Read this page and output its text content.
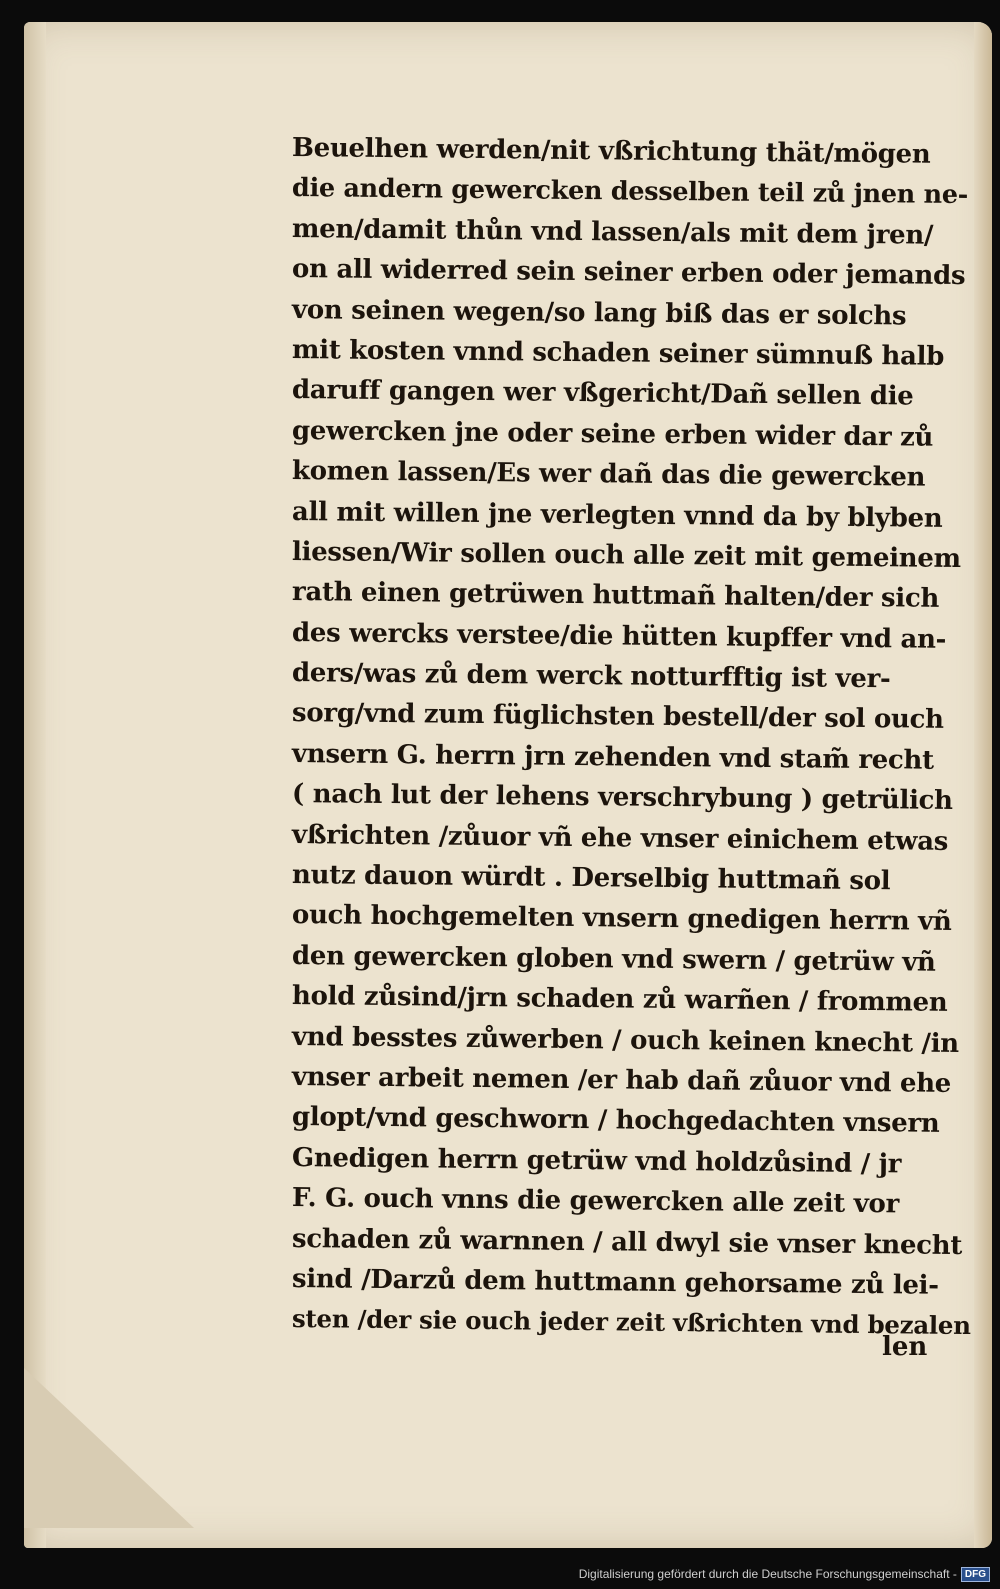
Beuelhen werden/nit vßrichtung thät/mögen
die andern gewercken desselben teil zů jnen ne-
men/damit thůn vnd lassen/als mit dem jren/
on all widerred sein seiner erben oder jemands
von seinen wegen/so lang biß das er solchs
mit kosten vnnd schaden seiner sümnuß halb
daruff gangen wer vßgericht/Dañ sellen die
gewercken jne oder seine erben wider dar zů
komen lassen/Es wer dañ das die gewercken
all mit willen jne verlegten vnnd da by blyben
liessen/Wir sollen ouch alle zeit mit gemeinem
rath einen getrüwen huttmañ halten/der sich
des wercks verstee/die hütten kupffer vnd an-
ders/was zů dem werck notturfftig ist ver-
sorg/vnd zum füglichsten bestell/der sol ouch
vnsern G. herrn jrn zehenden vnd stam̃ recht
( nach lut der lehens verschrybung ) getrülich
vßrichten /zůuor vñ ehe vnser einichem etwas
nutz dauon würdt . Derselbig huttmañ sol
ouch hochgemelten vnsern gnedigen herrn vñ
den gewercken globen vnd swern / getrüw vñ
hold zůsind/jrn schaden zů warñen / frommen
vnd besstes zůwerben / ouch keinen knecht /in
vnser arbeit nemen /er hab dañ zůuor vnd ehe
glopt/vnd geschworn / hochgedachten vnsern
Gnedigen herrn getrüw vnd holdzůsind / jr
F. G. ouch vnns die gewercken alle zeit vor
schaden zů warnnen / all dwyl sie vnser knecht
sind /Darzů dem huttmann gehorsame zů lei-
sten /der sie ouch jeder zeit vßrichten vnd bezalen
len
Digitalisierung gefördert durch die Deutsche Forschungsgemeinschaft - DFG
